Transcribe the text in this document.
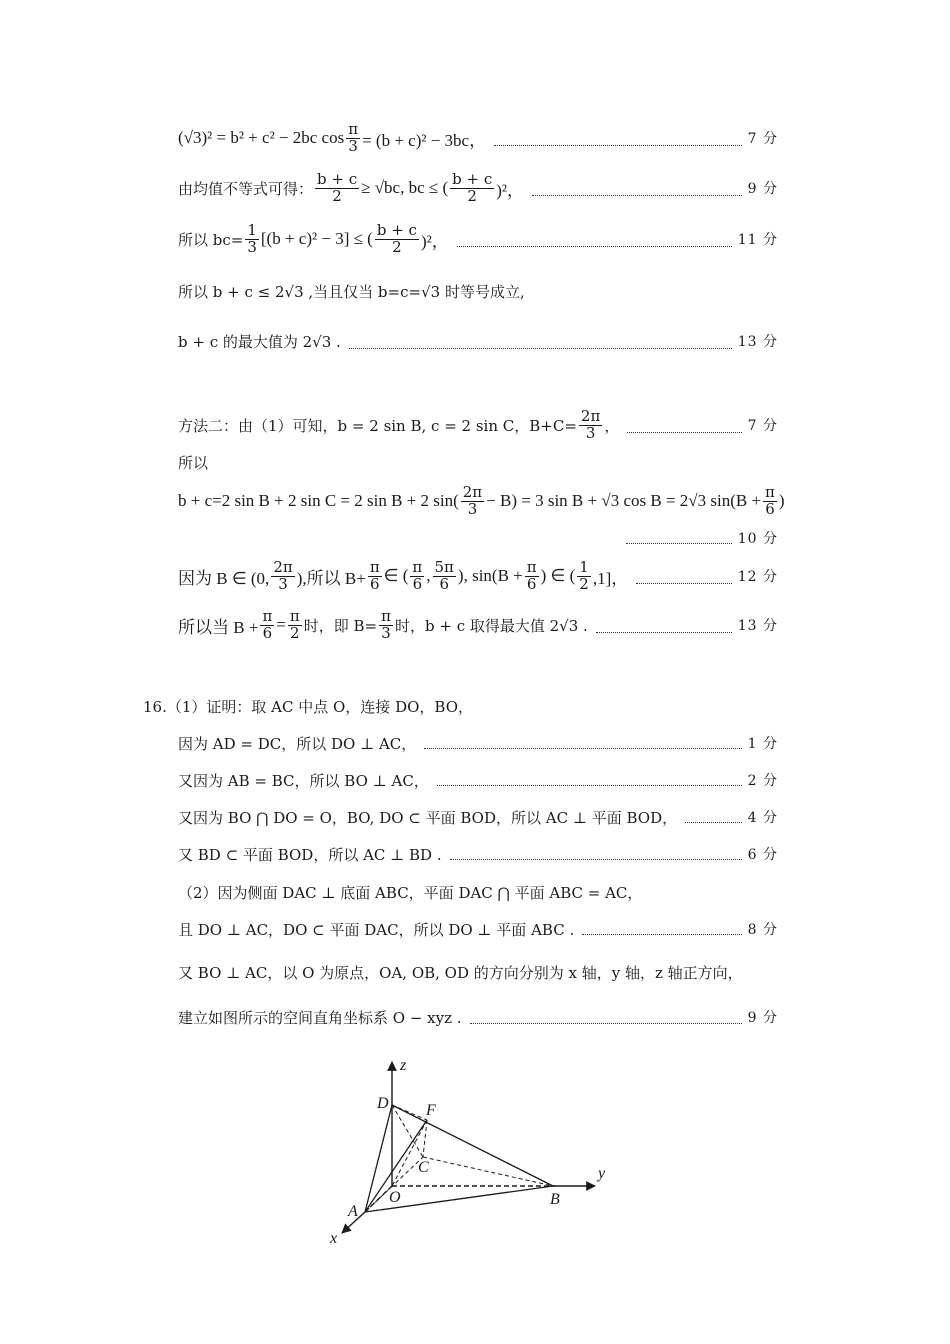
(√3)² = b² + c² − 2bc $\cos \frac{\pi}{3} = (b + c)^2 - 3bc$，	7 分
由均值不等式可得： $\frac{b + c}{2} \ge √bc$, bc ≤ ( $\frac{b + c}{2} )^2$，	9 分
所以 $bc= \frac{1}{3} [(b + c)^2 - 3]$ ≤ ( $\frac{b + c}{2} )^2$，	11 分
所以 b + c ≤ 2√3 ,当且仅当 b=c=√3 时等号成立,
b + c 的最大值为 2√3 .	13 分
方法二：由（1）可知，b = 2 sin B, c = 2 sin C，$B+C= \frac{2\pi}{3}$ ，	7 分
所以
b + c=2 sin B + 2 sin C = 2 sin B + 2 $\sin( \frac{2\pi}{3} - B) = 3$ sin B + √3 cos B = 2√3 $\sin(B + \frac{\pi}{6}$ )
10 分
因为 B ∈ (0, $\frac{2\pi}{3}$ ),所以 $B+ \frac{\pi}{6}$ ∈ ( $\frac{\pi}{6}$ , $\frac{5\pi}{6}$ ), $\sin(B + \frac{\pi}{6}$ ) ∈ ( $\frac{1}{2} ,1$]，	12 分
所以当 $B + \frac{\pi}{6} = \frac{\pi}{2}$ 时，即 $B= \frac{\pi}{3}$ 时，b + c 取得最大值 2√3 .	13 分
16.（1）证明：取 AC 中点 O，连接 DO，BO，
因为 AD = DC，所以 DO ⊥ AC，	1 分
又因为 AB = BC，所以 BO ⊥ AC，	2 分
又因为 BO ⋂ DO = O，BO, DO ⊂ 平面 BOD，所以 AC ⊥ 平面 BOD，	4 分
又 BD ⊂ 平面 BOD，所以 AC ⊥ BD .	6 分
（2）因为侧面 DAC ⊥ 底面 ABC，平面 DAC ⋂ 平面 ABC = AC，
且 DO ⊥ AC，DO ⊂ 平面 DAC，所以 DO ⊥ 平面 ABC .	8 分
又 BO ⊥ AC，以 O 为原点，OA, OB, OD 的方向分别为 x 轴，y 轴，z 轴正方向，
建立如图所示的空间直角坐标系 O − xyz .	9 分
z
y
x
D F
C
O
A
B
